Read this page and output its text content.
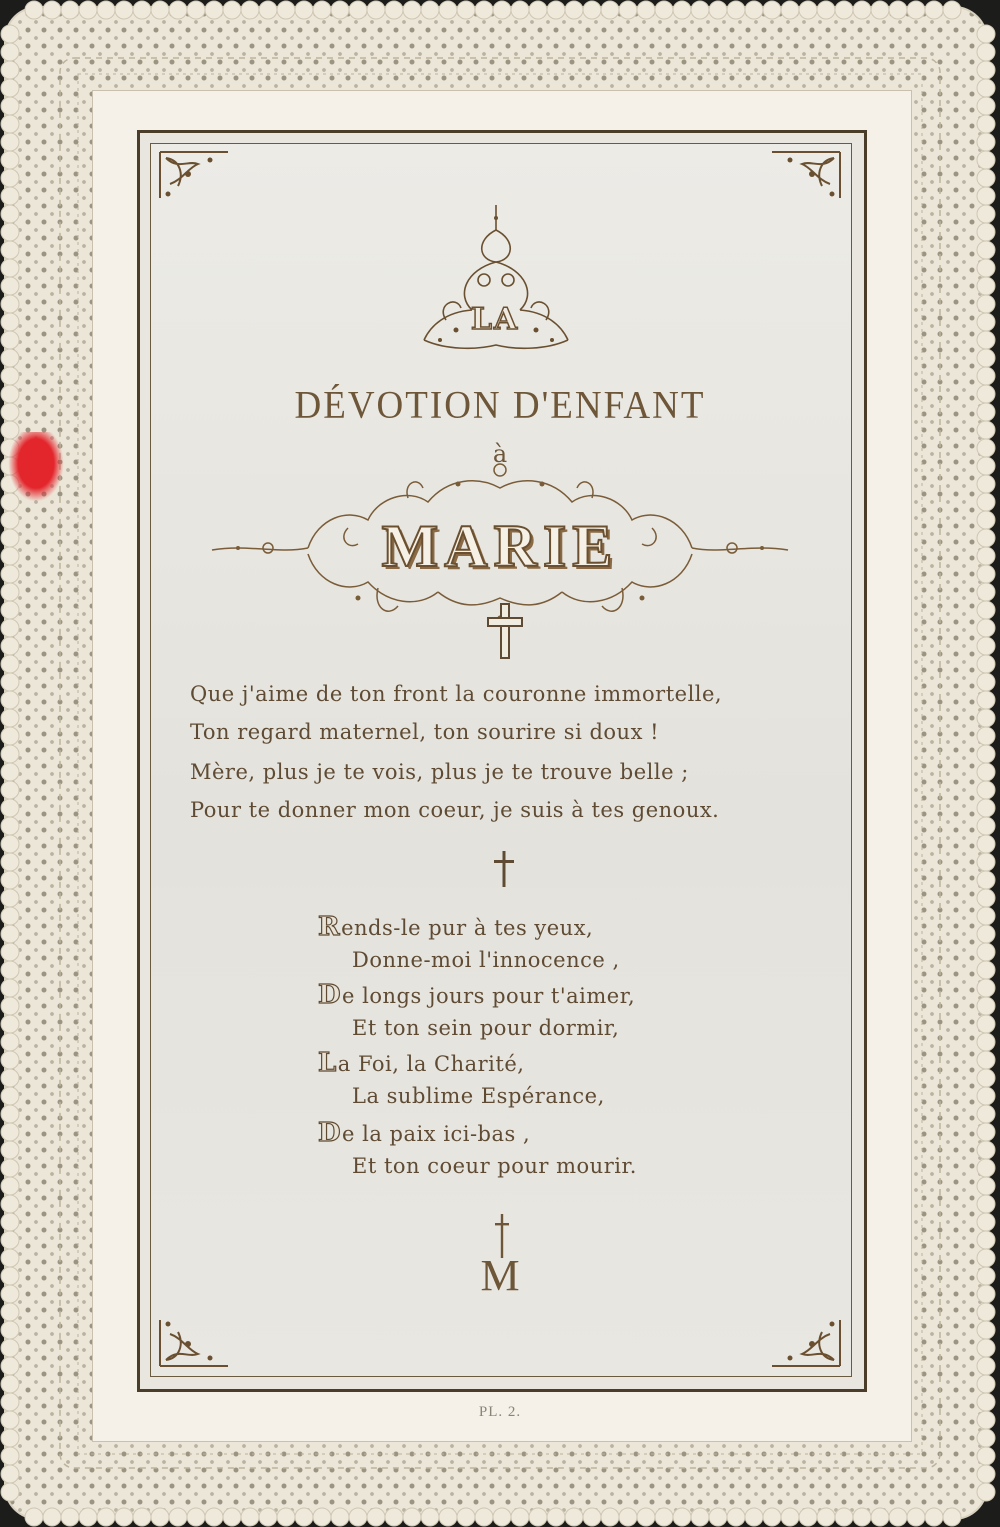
LA
DÉVOTION D'ENFANT
à
MARIE
Que j'aime de ton front la couronne immortelle,
Ton regard maternel, ton sourire si doux !
Mère, plus je te vois, plus je te trouve belle ;
Pour te donner mon coeur, je suis à tes genoux.
Rends-le pur à tes yeux,
Donne-moi l'innocence ,
De longs jours pour t'aimer,
Et ton sein pour dormir,
La Foi, la Charité,
La sublime Espérance,
De la paix ici-bas ,
Et ton coeur pour mourir.
M
PL. 2.
